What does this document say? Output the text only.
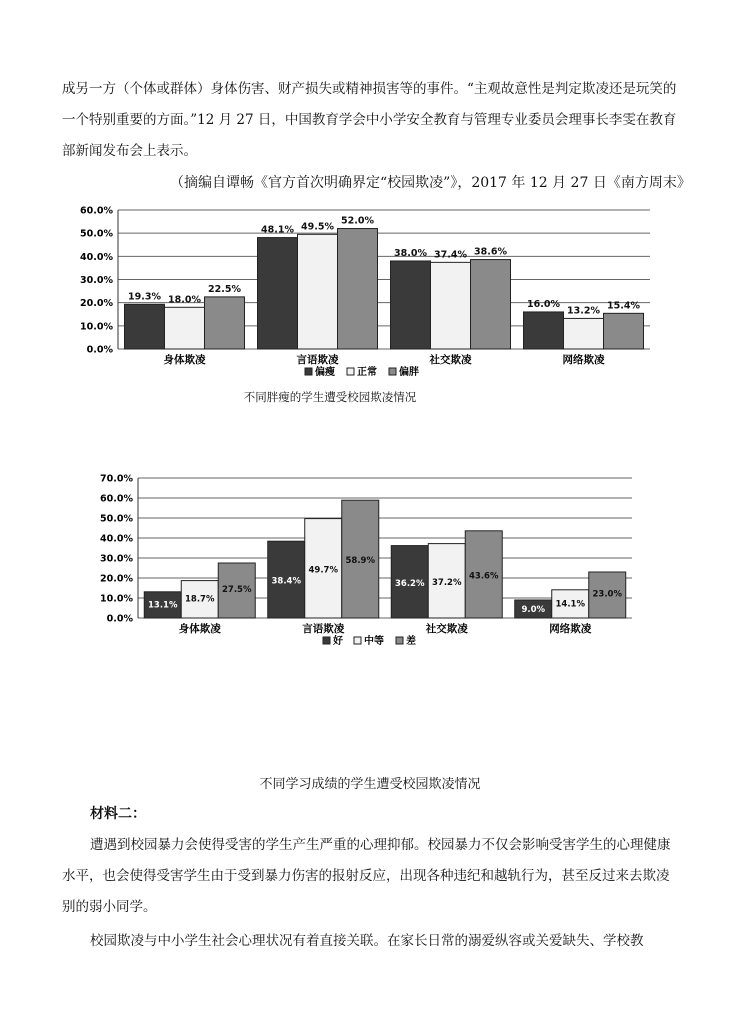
成另一方（个体或群体）身体伤害、财产损失或精神损害等的事件。“主观故意性是判定欺凌还是玩笑的一个特别重要的方面。”12 月 27 日，中国教育学会中小学安全教育与管理专业委员会理事长李雯在教育部新闻发布会上表示。

（摘编自谭畅《官方首次明确界定“校园欺凌”》，2017 年 12 月 27 日《南方周末》
0.0%
10.0%
20.0%
30.0%
40.0%
50.0%
60.0%
19.3% 18.0%
22.5%
身体欺凌
48.1% 49.5%
52.0%
言语欺凌
38.0% 37.4% 38.6%
社交欺凌
16.0%
13.2% 15.4%
网络欺凌
偏瘦 正常 偏胖
不同胖瘦的学生遭受校园欺凌情况
0.0%
10.0%
20.0%
30.0%
40.0%
50.0%
60.0%
70.0%
13.1%
18.7%
27.5%
身体欺凌
38.4%
49.7%
58.9%
言语欺凌
36.2% 37.2%
43.6%
社交欺凌
9.0%
14.1%
23.0%
网络欺凌
好 中等 差
不同学习成绩的学生遭受校园欺凌情况
材料二：

遭遇到校园暴力会使得受害的学生产生严重的心理抑郁。校园暴力不仅会影响受害学生的心理健康水平，也会使得受害学生由于受到暴力伤害的报射反应，出现各种违纪和越轨行为，甚至反过来去欺凌别的弱小同学。

校园欺凌与中小学生社会心理状况有着直接关联。在家长日常的溺爱纵容或关爱缺失、学校教
